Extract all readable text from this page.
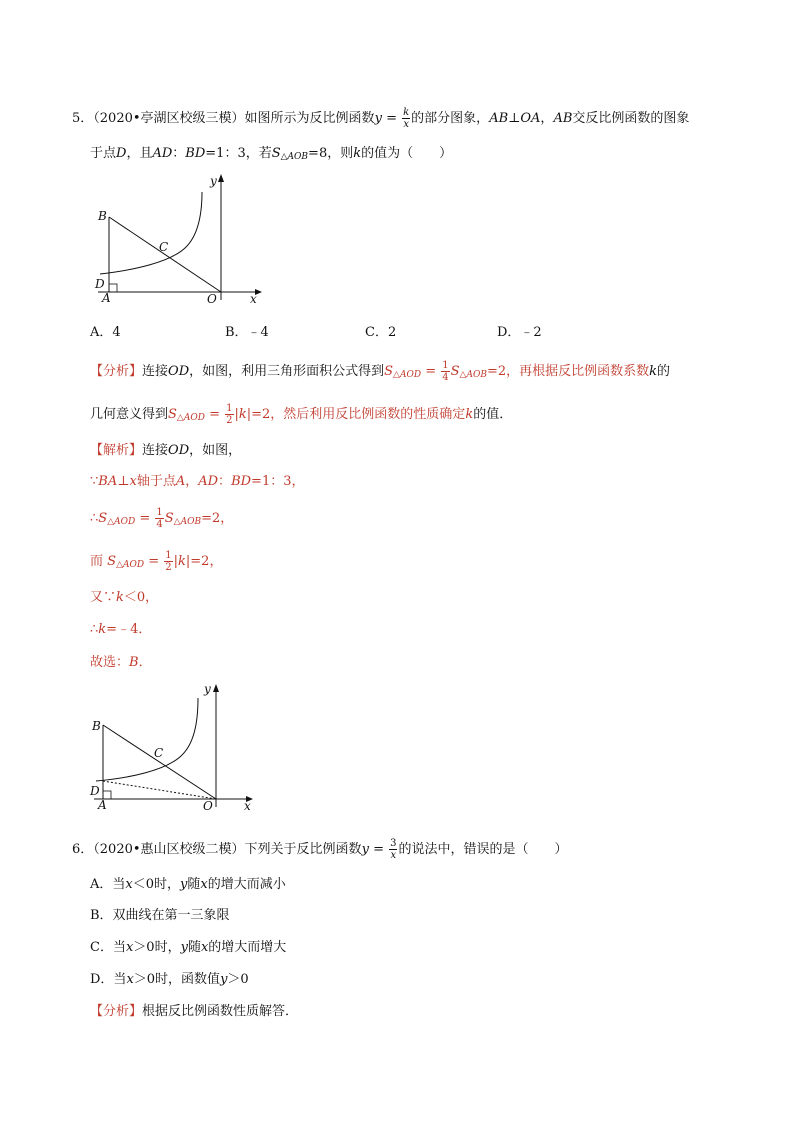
5．（2020•亭湖区校级三模）如图所示为反比例函数$y = \frac{k}{x}$ 的部分图象，AB⊥OA，AB交反比例函数的图象
于点D，且AD：BD=1：3，若$S_{\triangle AOB}=8$，则k的值为（　　）
B
C
D
A	O	x
y
A．4	B．﹣4	C．2	D．﹣2
【分析】连接OD，如图，利用三角形面积公式得到$S_{\triangle AOD} = \frac{1}{4} S_{\triangle AOB}=2$，再根据反比例函数系数k的
几何意义得到$S_{\triangle AOD} = \frac{1}{2} |k|=2$，然后利用反比例函数的性质确定k的值．
【解析】连接OD，如图，
∵BA⊥x轴于点A，AD：BD=1：3，
$\therefore S_{\triangle AOD} = \frac{1}{4} S_{\triangle AOB}=2$，
而 $S_{\triangle AOD} = \frac{1}{2} |k|=2$，
又∵k＜0，
∴k=﹣4．
故选：B．
B
C
D
A	O	x
y
6．（2020•惠山区校级二模）下列关于反比例函数$y = \frac{3}{x}$ 的说法中，错误的是（　　）
A．当x＜0时，y随x的增大而减小
B．双曲线在第一三象限
C．当x＞0时，y随x的增大而增大
D．当x＞0时，函数值y＞0
【分析】根据反比例函数性质解答．
